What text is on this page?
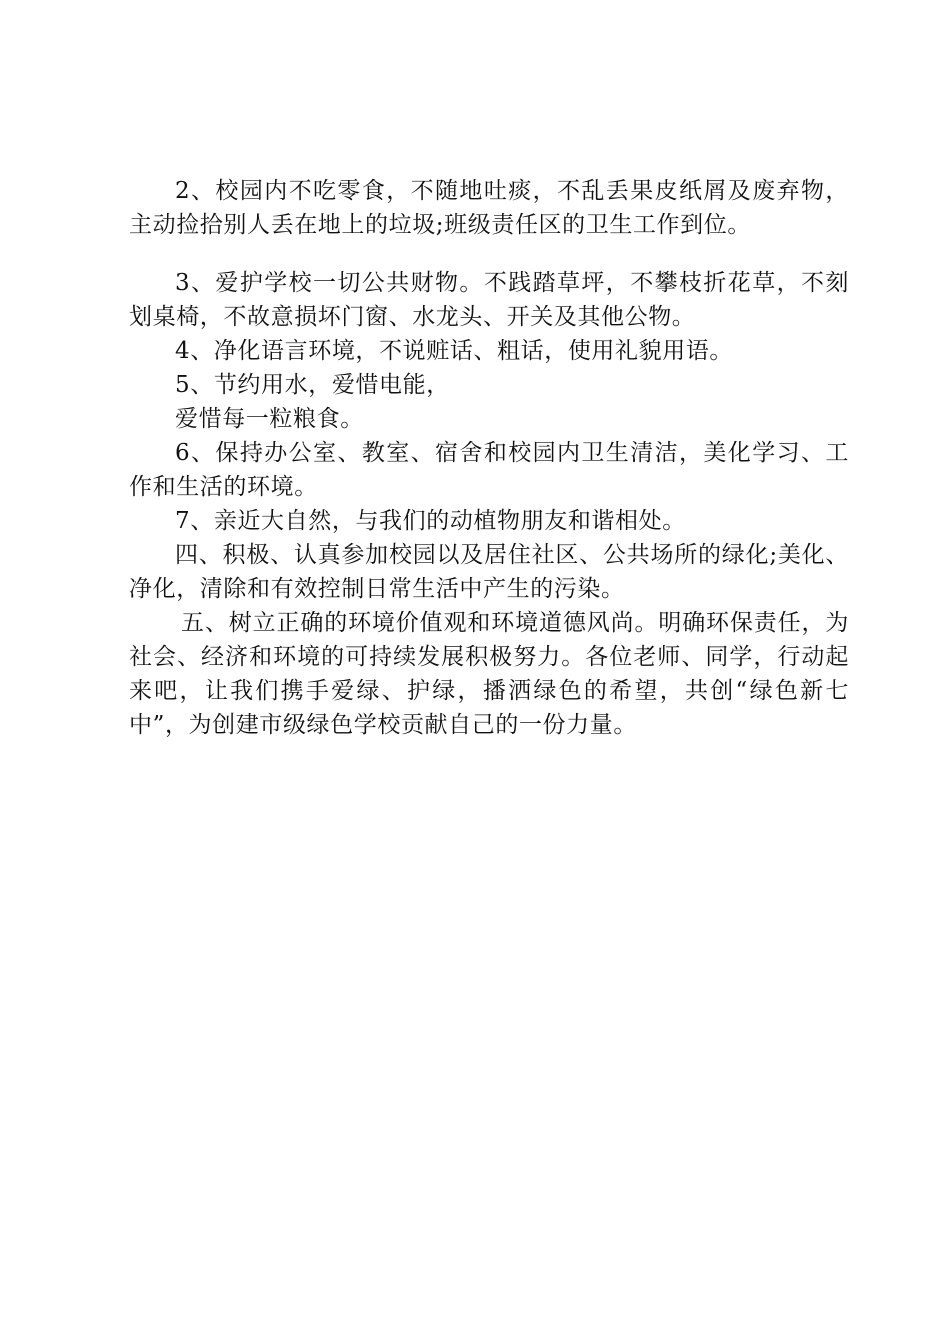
2、校园内不吃零食，不随地吐痰，不乱丢果皮纸屑及废弃物，主动捡拾别人丢在地上的垃圾;班级责任区的卫生工作到位。

3、爱护学校一切公共财物。不践踏草坪，不攀枝折花草，不刻划桌椅，不故意损坏门窗、水龙头、开关及其他公物。

4、净化语言环境，不说赃话、粗话，使用礼貌用语。

5、节约用水，爱惜电能，

爱惜每一粒粮食。

6、保持办公室、教室、宿舍和校园内卫生清洁，美化学习、工作和生活的环境。

7、亲近大自然，与我们的动植物朋友和谐相处。

四、积极、认真参加校园以及居住社区、公共场所的绿化;美化、净化，清除和有效控制日常生活中产生的污染。

五、树立正确的环境价值观和环境道德风尚。明确环保责任，为社会、经济和环境的可持续发展积极努力。各位老师、同学，行动起来吧，让我们携手爱绿、护绿，播洒绿色的希望，共创“绿色新七中”，为创建市级绿色学校贡献自己的一份力量。
